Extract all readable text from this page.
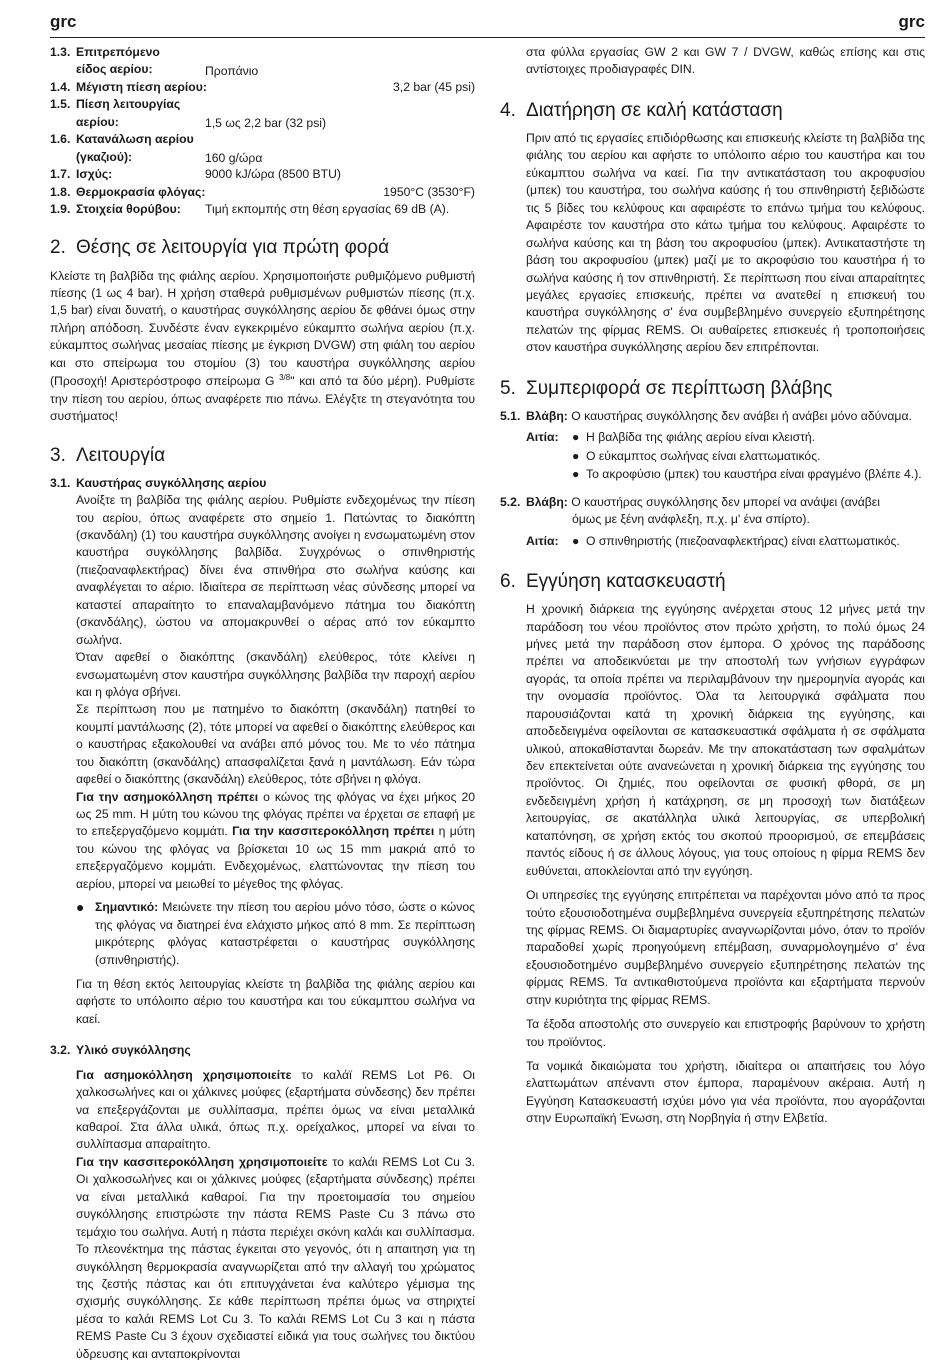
grc	grc
1.3. Επιτρεπόμενο
είδος αερίου:	Προπάνιο
1.4. Μέγιστη πίεση αερίου:	3,2 bar (45 psi)
1.5. Πίεση λειτουργίας
αερίου:	1,5 ως 2,2 bar (32 psi)
1.6. Κατανάλωση αερίου
(γκαζιού):	160 g/ώρα
1.7. Ισχύς:	9000 kJ/ώρα (8500 BTU)
1.8. Θερμοκρασία φλόγας:	1950°C (3530°F)
1.9. Στοιχεία θορύβου: Τιμή εκπομπής στη θέση εργασίας 69 dB (A).
2. Θέσης σε λειτουργία για πρώτη φορά

Κλείστε τη βαλβίδα της φιάλης αερίου. Χρησιμοποιήστε ρυθμιζόμενο ρυθμιστή πίεσης (1 ως 4 bar). Η χρήση σταθερά ρυθμισμένων ρυθμιστών πίεσης (π.χ. 1,5 bar) είναι δυνατή, ο καυστήρας συγκόλλησης αερίου δε φθάνει όμως στην πλήρη απόδοση. Συνδέστε έναν εγκεκριμένο εύκαμπτο σωλήνα αερίου (π.χ. εύκαμπτος σωλήνας μεσαίας πίεσης με έγκριση DVGW) στη φιάλη του αερίου και στο σπείρωμα του στομίου (3) του καυστήρα συγκόλλησης αερίου (Προσοχή! Αριστερόστροφο σπείρωμα G $^{3/8}$" και από τα δύο μέρη). Ρυθμίστε την πίεση του αερίου, όπως αναφέρετε πιο πάνω. Ελέγξτε τη στεγανότητα του συστήματος!

3. Λειτουργία
3.1. Καυστήρας συγκόλλησης αερίου

Ανοίξτε τη βαλβίδα της φιάλης αερίου. Ρυθμίστε ενδεχομένως την πίεση του αερίου, όπως αναφέρετε στο σημείο 1. Πατώντας το διακόπτη (σκανδάλη) (1) του καυστήρα συγκόλλησης ανοίγει η ενσωματωμένη στον καυστήρα συγκόλλησης βαλβίδα. Συγχρόνως ο σπινθηριστής (πιεζοαναφλεκτήρας) δίνει ένα σπινθήρα στο σωλήνα καύσης και αναφλέγεται το αέριο. Ιδιαίτερα σε περίπτωση νέας σύνδεσης μπορεί να καταστεί απαραίτητο το επαναλαμβανόμενο πάτημα του διακόπτη (σκανδάλης), ώστου να απομακρυνθεί ο αέρας από τον εύκαμπτο σωλήνα.

Όταν αφεθεί ο διακόπτης (σκανδάλη) ελεύθερος, τότε κλείνει η ενσωματωμένη στον καυστήρα συγκόλλησης βαλβίδα την παροχή αερίου και η φλόγα σβήνει.

Σε περίπτωση που με πατημένο το διακόπτη (σκανδάλη) πατηθεί το κουμπί μαντάλωσης (2), τότε μπορεί να αφεθεί ο διακόπτης ελεύθερος και ο καυστήρας εξακολουθεί να ανάβει από μόνος του. Με το νέο πάτημα του διακόπτη (σκανδάλης) απασφαλίζεται ξανά η μαντάλωση. Εάν τώρα αφεθεί ο διακόπτης (σκανδάλη) ελεύθερος, τότε σβήνει η φλόγα.

Για την ασημοκόλληση πρέπει ο κώνος της φλόγας να έχει μήκος 20 ως 25 mm. Η μύτη του κώνου της φλόγας πρέπει να έρχεται σε επαφή με το επεξεργαζόμενο κομμάτι. Για την κασσιτεροκόλληση πρέπει η μύτη του κώνου της φλόγας να βρίσκεται 10 ως 15 mm μακριά από το επεξεργαζόμενο κομμάτι. Ενδεχομένως, ελαττώνοντας την πίεση του αερίου, μπορεί να μειωθεί το μέγεθος της φλόγας.

● Σημαντικό: Μειώνετε την πίεση του αερίου μόνο τόσο, ώστε ο κώνος της φλόγας να διατηρεί ένα ελάχιστο μήκος από 8 mm. Σε περίπτωση μικρότερης φλόγας καταστρέφεται ο καυστήρας συγκόλλησης (σπινθηριστής).

Για τη θέση εκτός λειτουργίας κλείστε τη βαλβίδα της φιάλης αερίου και αφήστε το υπόλοιπο αέριο του καυστήρα και του εύκαμπτου σωλήνα να καεί.

3.2. Υλικό συγκόλλησης

Για ασημοκόλληση χρησιμοποιείτε το καλάϊ REMS Lot P6. Οι χαλκοσωλήνες και οι χάλκινες μούφες (εξαρτήματα σύνδεσης) δεν πρέπει να επεξεργάζονται με συλλίπασμα, πρέπει όμως να είναι μεταλλικά καθαροί. Στα άλλα υλικά, όπως π.χ. ορείχαλκος, μπορεί να είναι το συλλίπασμα απαραίτητο.

Για την κασσιτεροκόλληση χρησιμοποιείτε το καλάι REMS Lot Cu 3. Οι χαλκοσωλήνες και οι χάλκινες μούφες (εξαρτήματα σύνδεσης) πρέπει να είναι μεταλλικά καθαροί. Για την προετοιμασία του σημείου συγκόλλησης επιστρώστε την πάστα REMS Paste Cu 3 πάνω στο τεμάχιο του σωλήνα. Αυτή η πάστα περιέχει σκόνη καλάι και συλλίπασμα. Το πλεονέκτημα της πάστας έγκειται στο γεγονός, ότι η απαιτηση για τη συγκόλληση θερμοκρασία αναγνωρίζεται από την αλλαγή του χρώματος της ζεστής πάστας και ότι επιτυγχάνεται ένα καλύτερο γέμισμα της σχισμής συγκόλλησης. Σε κάθε περίπτωση πρέπει όμως να στηριχτεί μέσα το καλάι REMS Lot Cu 3. Το καλάι REMS Lot Cu 3 και η πάστα REMS Paste Cu 3 έχουν σχεδιαστεί ειδικά για τους σωλήνες του δικτύου ύδρευσης και ανταποκρίνονται

στα φύλλα εργασίας GW 2 και GW 7 / DVGW, καθώς επίσης και στις αντίστοιχες προδιαγραφές DIN.

4. Διατήρηση σε καλή κατάσταση

Πριν από τις εργασίες επιδιόρθωσης και επισκευής κλείστε τη βαλβίδα της φιάλης του αερίου και αφήστε το υπόλοιπο αέριο του καυστήρα και του εύκαμπτου σωλήνα να καεί. Για την αντικατάσταση του ακροφυσίου (μπεκ) του καυστήρα, του σωλήνα καύσης ή του σπινθηριστή ξεβιδώστε τις 5 βίδες του κελύφους και αφαιρέστε το επάνω τμήμα του κελύφους. Αφαιρέστε τον καυστήρα στο κάτω τμήμα του κελύφους. Αφαιρέστε το σωλήνα καύσης και τη βάση του ακροφυσίου (μπεκ). Αντικαταστήστε τη βάση του ακροφυσίου (μπεκ) μαζί με το ακροφύσιο του καυστήρα ή το σωλήνα καύσης ή τον σπινθηριστή. Σε περίπτωση που είναι απαραίτητες μεγάλες εργασίες επισκευής, πρέπει να ανατεθεί η επισκευή του καυστήρα συγκόλλησης σ' ένα συμβεβλημένο συνεργείο εξυπηρέτησης πελατών της φίρμας REMS. Οι αυθαίρετες επισκευές ή τροποποιήσεις στον καυστήρα συγκόλλησης αερίου δεν επιτρέπονται.

5. Συμπεριφορά σε περίπτωση βλάβης
5.1. Βλάβη: Ο καυστήρας συγκόλλησης δεν ανάβει ή ανάβει μόνο αδύναμα.

Αιτία:	● Η βαλβίδα της φιάλης αερίου είναι κλειστή.
● Ο εύκαμπτος σωλήνας είναι ελαττωματικός.
● Το ακροφύσιο (μπεκ) του καυστήρα είναι φραγμένο (βλέπε 4.).
5.2. Βλάβη: Ο καυστήρας συγκόλλησης δεν μπορεί να ανάψει (ανάβει
όμως με ξένη ανάφλεξη, π.χ. μ' ένα σπίρτο).
Αιτία:	● Ο σπινθηριστής (πιεζοαναφλεκτήρας) είναι ελαττωματικός.
6. Εγγύηση κατασκευαστή

Η χρονική διάρκεια της εγγύησης ανέρχεται στους 12 μήνες μετά την παράδοση του νέου προϊόντος στον πρώτο χρήστη, το πολύ όμως 24 μήνες μετά την παράδοση στον έμπορα. Ο χρόνος της παράδοσης πρέπει να αποδεικνύεται με την αποστολή των γνήσιων εγγράφων αγοράς, τα οποία πρέπει να περιλαμβάνουν την ημερομηνία αγοράς και την ονομασία προϊόντος. Όλα τα λειτουργικά σφάλματα που παρουσιάζονται κατά τη χρονική διάρκεια της εγγύησης, και αποδεδειγμένα οφείλονται σε κατασκευαστικά σφάλματα ή σε σφάλματα υλικού, αποκαθίστανται δωρεάν. Με την αποκατάσταση των σφαλμάτων δεν επεκτείνεται ούτε ανανεώνεται η χρονική διάρκεια της εγγύησης του προϊόντος. Οι ζημιές, που οφείλονται σε φυσική φθορά, σε μη ενδεδειγμένη χρήση ή κατάχρηση, σε μη προσοχή των διατάξεων λειτουργίας, σε ακατάλληλα υλικά λειτουργίας, σε υπερβολική καταπόνηση, σε χρήση εκτός του σκοπού προορισμού, σε επεμβάσεις παντός είδους ή σε άλλους λόγους, για τους οποίους η φίρμα REMS δεν ευθύνεται, αποκλείονται από την εγγύηση.

Οι υπηρεσίες της εγγύησης επιτρέπεται να παρέχονται μόνο από τα προς τούτο εξουσιοδοτημένα συμβεβλημένα συνεργεία εξυπηρέτησης πελατών της φίρμας REMS. Οι διαμαρτυρίες αναγνωρίζονται μόνο, όταν το προϊόν παραδοθεί χωρίς προηγούμενη επέμβαση, συναρμολογημένο σ' ένα εξουσιοδοτημένο συμβεβλημένο συνεργείο εξυπηρέτησης πελατών της φίρμας REMS. Τα αντικαθιστούμενα προϊόντα και εξαρτήματα περνούν στην κυριότητα της φίρμας REMS.

Τα έξοδα αποστολής στο συνεργείο και επιστροφής βαρύνουν το χρήστη του προϊόντος.

Τα νομικά δικαιώματα του χρήστη, ιδιαίτερα οι απαιτήσεις του λόγο ελαττωμάτων απέναντι στον έμπορα, παραμένουν ακέραια. Αυτή η Εγγύηση Κατασκευαστή ισχύει μόνο για νέα προϊόντα, που αγοράζονται στην Ευρωπαϊκή Ένωση, στη Νορβηγία ή στην Ελβετία.
